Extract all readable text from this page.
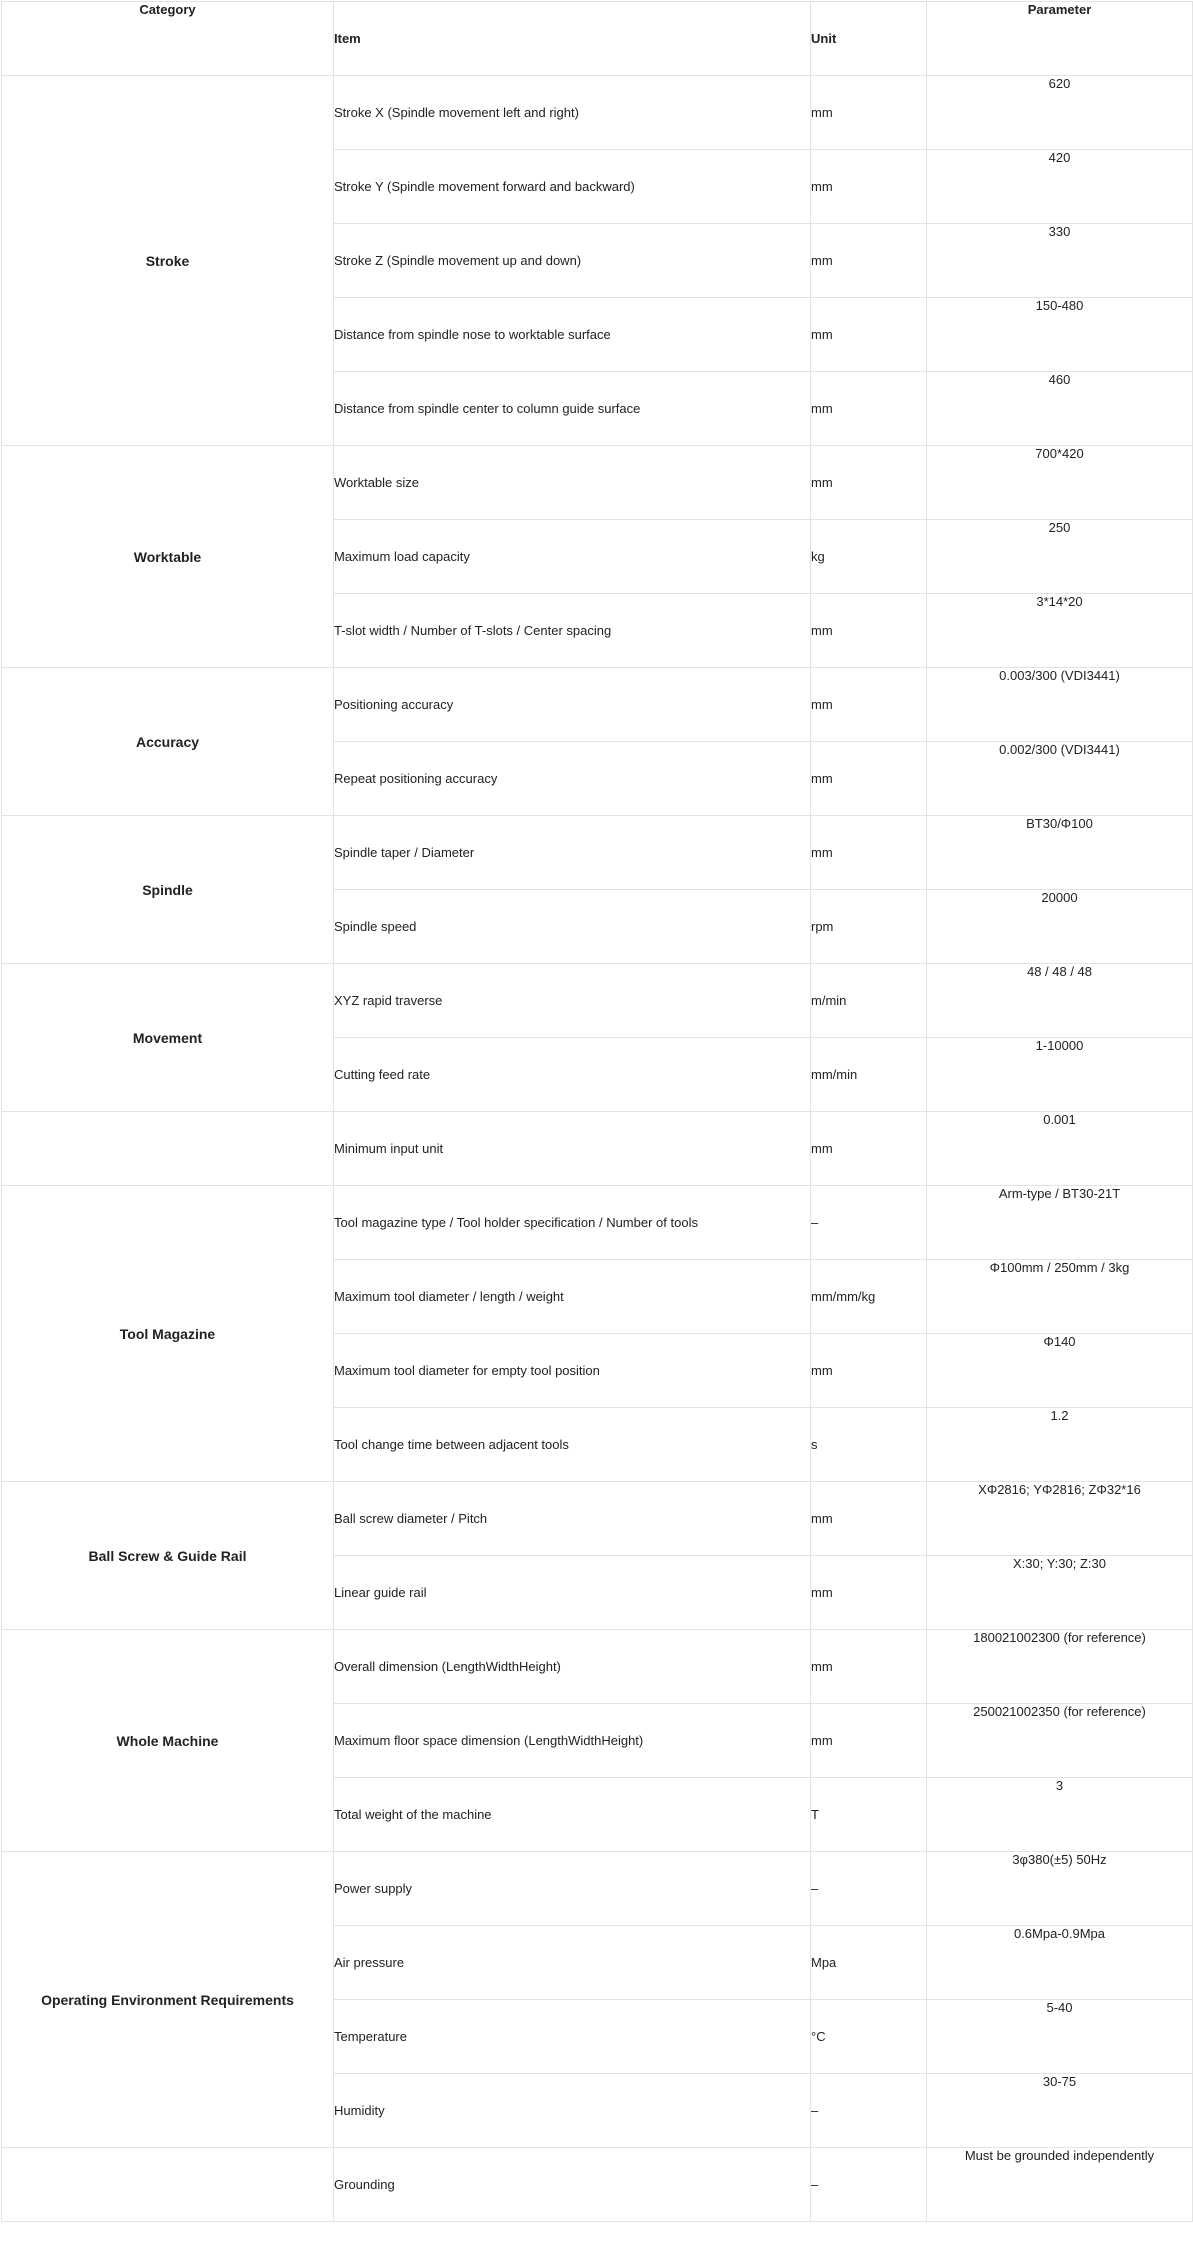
Category	Item	Unit	Parameter
Stroke	Stroke X (Spindle movement left and right)	mm	620
	Stroke Y (Spindle movement forward and backward)	mm	420
	Stroke Z (Spindle movement up and down)	mm	330
	Distance from spindle nose to worktable surface	mm	150-480
	Distance from spindle center to column guide surface	mm	460
Worktable	Worktable size	mm	700*420
	Maximum load capacity	kg	250
	T-slot width / Number of T-slots / Center spacing	mm	3*14*20
Accuracy	Positioning accuracy	mm	0.003/300 (VDI3441)
	Repeat positioning accuracy	mm	0.002/300 (VDI3441)
Spindle	Spindle taper / Diameter	mm	BT30/Φ100
	Spindle speed	rpm	20000
Movement	XYZ rapid traverse	m/min	48 / 48 / 48
	Cutting feed rate	mm/min	1-10000
	Minimum input unit	mm	0.001
Tool Magazine	Tool magazine type / Tool holder specification / Number of tools	–	Arm-type / BT30-21T
	Maximum tool diameter / length / weight	mm/mm/kg	Φ100mm / 250mm / 3kg
	Maximum tool diameter for empty tool position	mm	Φ140
	Tool change time between adjacent tools	s	1.2
Ball Screw & Guide Rail	Ball screw diameter / Pitch	mm	XΦ2816; YΦ2816; ZΦ32*16
	Linear guide rail	mm	X:30; Y:30; Z:30
Whole Machine	Overall dimension (LengthWidthHeight)	mm	180021002300 (for reference)
	Maximum floor space dimension (LengthWidthHeight)	mm	250021002350 (for reference)
	Total weight of the machine	T	3
Operating Environment Requirements	Power supply	–	3φ380(±5) 50Hz
	Air pressure	Mpa	0.6Mpa-0.9Mpa
	Temperature	°C	5-40
	Humidity	–	30-75
	Grounding	–	Must be grounded independently
